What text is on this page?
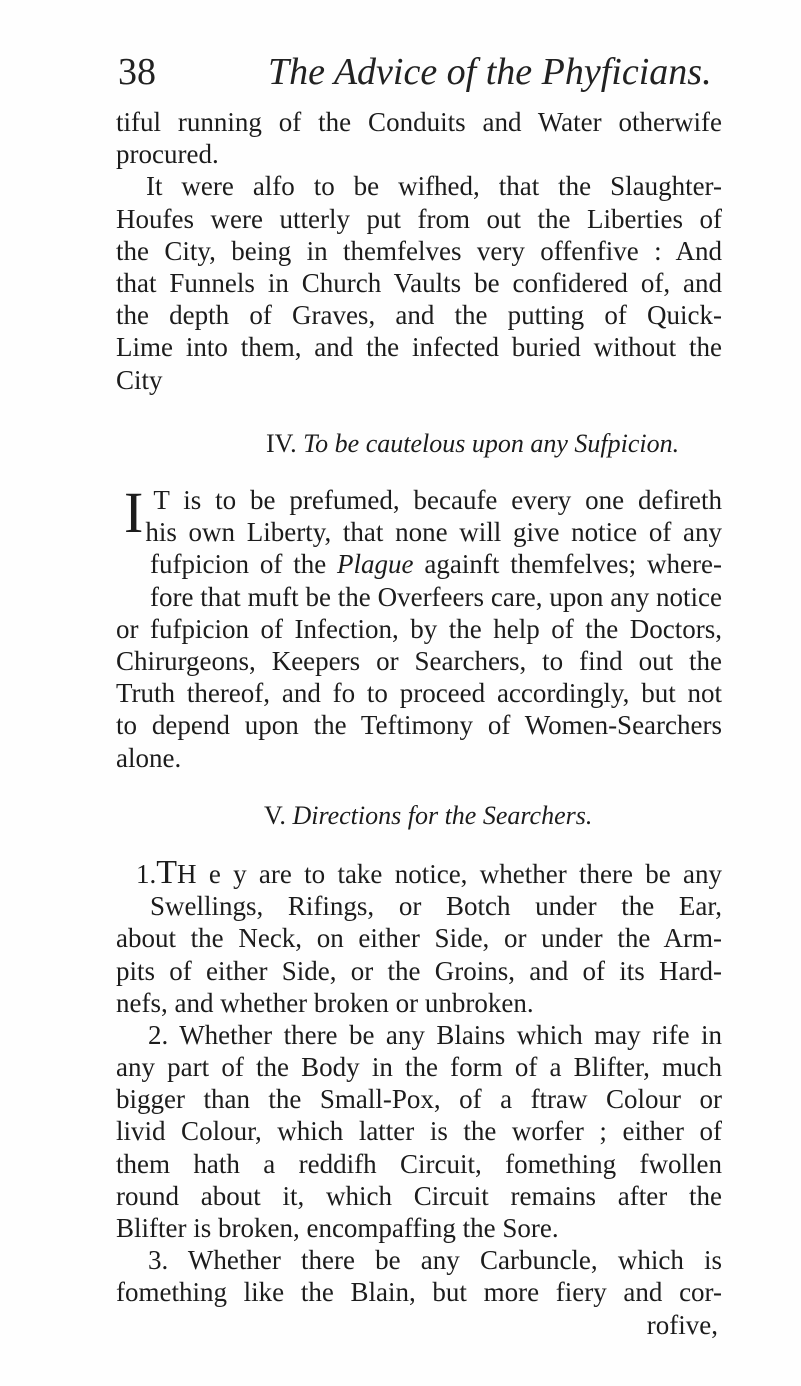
38	The Advice of the Phyficians.
tiful running of the Conduits and Water otherwife
procured.
It were alfo to be wifhed, that the Slaughter-
Houfes were utterly put from out the Liberties of
the City, being in themfelves very offenfive : And
that Funnels in Church Vaults be confidered of, and
the depth of Graves, and the putting of Quick-
Lime into them, and the infected buried without the
City
IV. To be cautelous upon any Sufpicion.
I T is to be prefumed, becaufe every one defireth
his own Liberty, that none will give notice of any
fufpicion of the Plague againft themfelves; where-
fore that muft be the Overfeers care, upon any notice
or fufpicion of Infection, by the help of the Doctors,
Chirurgeons, Keepers or Searchers, to find out the
Truth thereof, and fo to proceed accordingly, but not
to depend upon the Teftimony of Women-Searchers
alone.
V. Directions for the Searchers.
1.TH e y are to take notice, whether there be any
Swellings, Rifings, or Botch under the Ear,
about the Neck, on either Side, or under the Arm-
pits of either Side, or the Groins, and of its Hard-
nefs, and whether broken or unbroken.
2. Whether there be any Blains which may rife in
any part of the Body in the form of a Blifter, much
bigger than the Small-Pox, of a ftraw Colour or
livid Colour, which latter is the worfer ; either of
them hath a reddifh Circuit, fomething fwollen
round about it, which Circuit remains after the
Blifter is broken, encompaffing the Sore.
3. Whether there be any Carbuncle, which is
fomething like the Blain, but more fiery and cor-
rofive,
